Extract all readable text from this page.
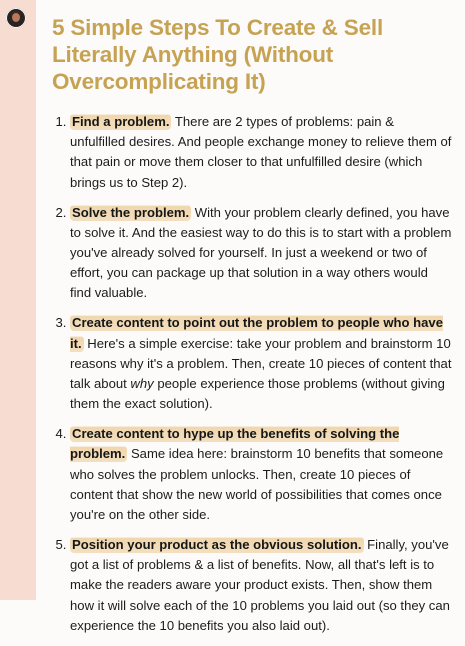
5 Simple Steps To Create & Sell Literally Anything (Without Overcomplicating It)
1. Find a problem. There are 2 types of problems: pain & unfulfilled desires. And people exchange money to relieve them of that pain or move them closer to that unfulfilled desire (which brings us to Step 2).
2. Solve the problem. With your problem clearly defined, you have to solve it. And the easiest way to do this is to start with a problem you've already solved for yourself. In just a weekend or two of effort, you can package up that solution in a way others would find valuable.
3. Create content to point out the problem to people who have it. Here's a simple exercise: take your problem and brainstorm 10 reasons why it's a problem. Then, create 10 pieces of content that talk about why people experience those problems (without giving them the exact solution).
4. Create content to hype up the benefits of solving the problem. Same idea here: brainstorm 10 benefits that someone who solves the problem unlocks. Then, create 10 pieces of content that show the new world of possibilities that comes once you're on the other side.
5. Position your product as the obvious solution. Finally, you've got a list of problems & a list of benefits. Now, all that's left is to make the readers aware your product exists. Then, show them how it will solve each of the 10 problems you laid out (so they can experience the 10 benefits you also laid out).
